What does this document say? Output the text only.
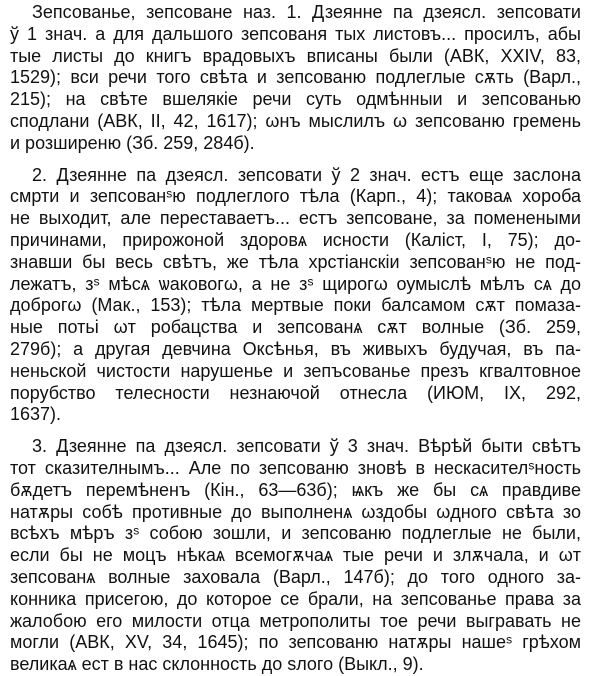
Зепсованье, зепсоване наз. 1. Дзеянне па дзеясл. зепсовати
ў 1 знач. а для дальшого зепсованя тых листовъ... просилъ, абы
тые листы до книгъ врадовыхъ вписаны были (АВК, XXIV, 83,
1529); вси речи того свѣта и зепсованю подлеглые сѫть (Варл.,
215); на свѣте вшелякіе речи суть одмѣнныи и зепсованью
сподлани (АВК, II, 42, 1617); ωнъ мыслилъ ω зепсованю гремень
и розширеню (Зб. 259, 284б).
2. Дзеянне па дзеясл. зепсовати ў 2 знач. естъ еще заслона
смрти и зепсованˢю подлеглого тѣла (Карп., 4); таковаѧ хороба
не выходит, але переставаетъ... естъ зепсоване, за поменеными
причинами, прирожоной здоровѧ исности (Каліст, I, 75); до-
знавши бы весь свѣтъ, же тѣла хрстіанскіи зепсованˢю не под-
лежатъ, зˢ мѣсѧ ѡаковогω, а не зˢ щирогω оумыслѣ мѣлъ сѧ до
доброгω (Мак., 153); тѣла мертвые поки балсамом сѫт помаза-
ные потьі ωт робацства и зепсованѧ сѫт волные (Зб. 259,
279б); а другая девчина Оксѣнья, въ живыхъ будучая, въ па-
неньской чистости нарушенье и зепъсованье презъ кгвалтовное
порубство телесности незнаючой отнесла (ИЮМ, IX, 292,
1637).
3. Дзеянне па дзеясл. зепсовати ў 3 знач. Вѣрѣй быти свѣтъ
тот сказителнымъ... Але по зепсованю зновѣ в нескасителˢность
бѫдетъ перемѣненъ (Кін., 63—63б); ѩкъ же бы сѧ правдиве
натѫры собѣ противные до выполненѧ ωздобы ωдного свѣта зо
всѣхъ мѣръ зˢ собою зошли, и зепсованю подлеглые не были,
если бы не моцъ нѣкаѧ всемогѫчаѧ тые речи и злѫчала, и ωт
зепсованѧ волные заховала (Варл., 147б); до того одного за-
конника присегою, до которое се брали, на зепсованье права за
жалобою его милости отца метрополиты тое речи выгравать не
могли (АВК, XV, 34, 1645); по зепсованю натѫры нашеˢ грѣхом
великаѧ ест в нас склонность до ѕлого (Выкл., 9).
